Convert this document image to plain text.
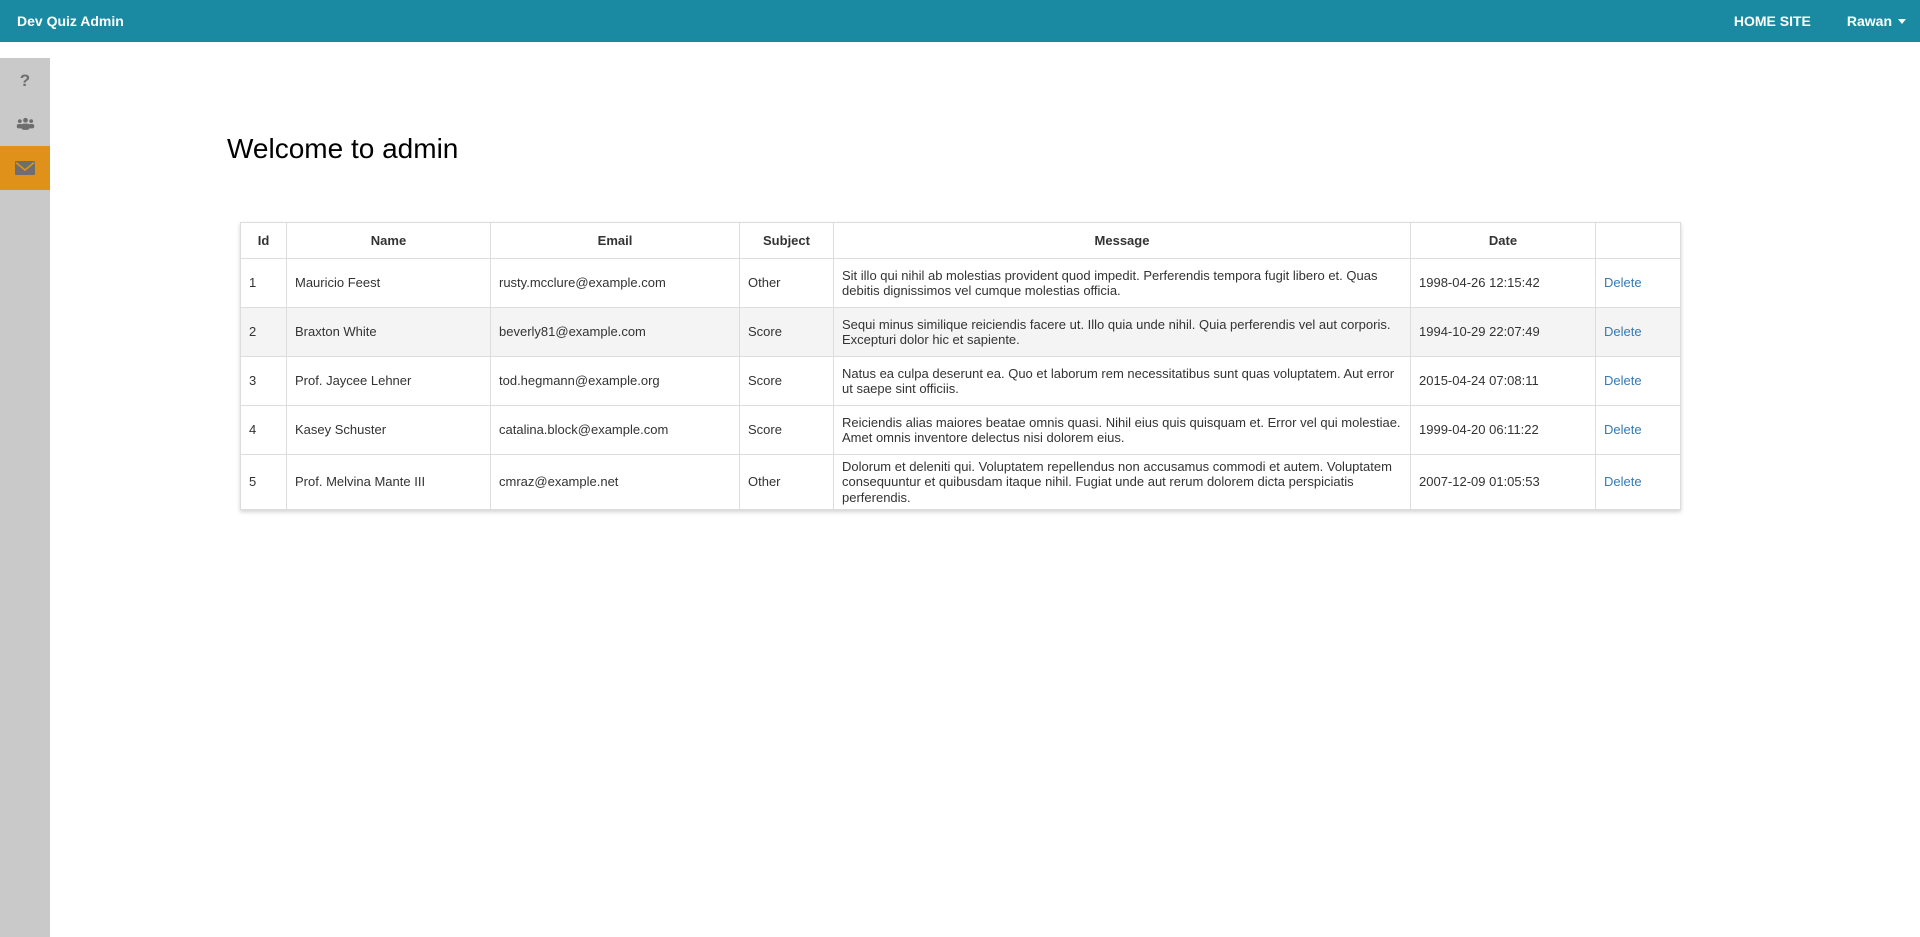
Dev Quiz Admin	HOME SITE	Rawan
?
Welcome to admin
Id	Name	Email	Subject	Message	Date	
1	Mauricio Feest	rusty.mcclure@example.com	Other	Sit illo qui nihil ab molestias provident quod impedit. Perferendis tempora fugit libero et. Quas debitis dignissimos vel cumque molestias officia.	1998-04-26 12:15:42	Delete
2	Braxton White	beverly81@example.com	Score	Sequi minus similique reiciendis facere ut. Illo quia unde nihil. Quia perferendis vel aut corporis. Excepturi dolor hic et sapiente.	1994-10-29 22:07:49	Delete
3	Prof. Jaycee Lehner	tod.hegmann@example.org	Score	Natus ea culpa deserunt ea. Quo et laborum rem necessitatibus sunt quas voluptatem. Aut error ut saepe sint officiis.	2015-04-24 07:08:11	Delete
4	Kasey Schuster	catalina.block@example.com	Score	Reiciendis alias maiores beatae omnis quasi. Nihil eius quis quisquam et. Error vel qui molestiae. Amet omnis inventore delectus nisi dolorem eius.	1999-04-20 06:11:22	Delete
5	Prof. Melvina Mante III	cmraz@example.net	Other	Dolorum et deleniti qui. Voluptatem repellendus non accusamus commodi et autem. Voluptatem consequuntur et quibusdam itaque nihil. Fugiat unde aut rerum dolorem dicta perspiciatis perferendis.	2007-12-09 01:05:53	Delete
